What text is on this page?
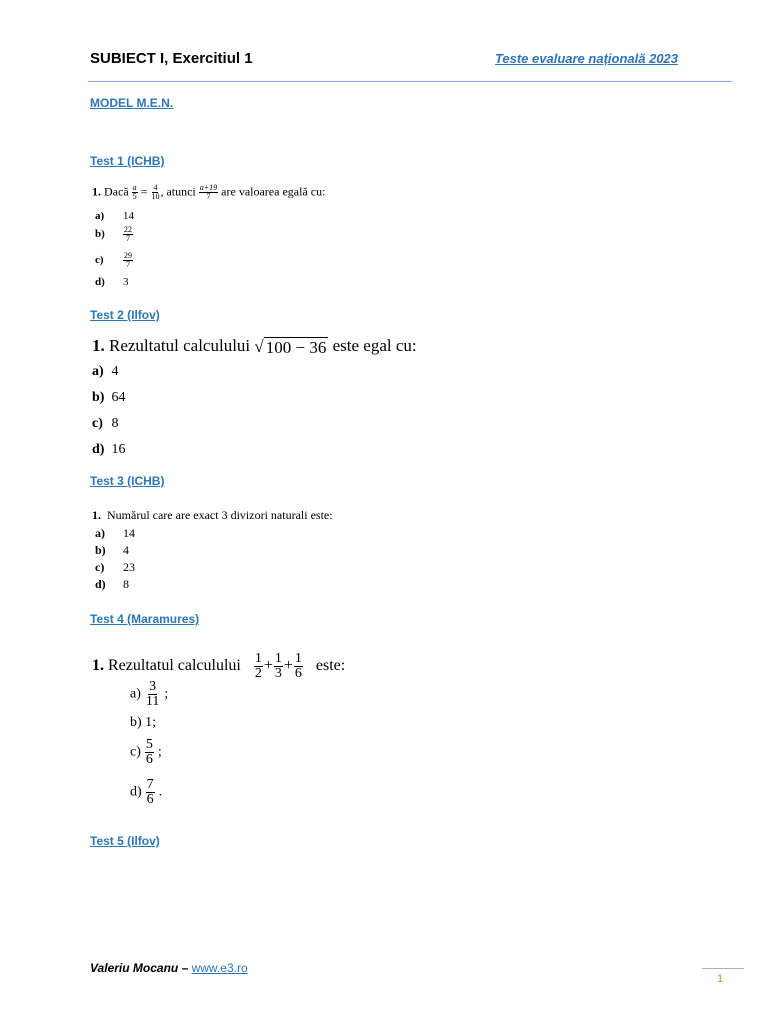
SUBIECT I, Exercitiul 1	Teste evaluare națională 2023
MODEL M.E.N.
Test 1 (ICHB)
1. Dacă $\frac{a}{5} = \frac{4}{10}$ , atunci $\frac{a+19}{7}$ are valoarea egală cu:
a) 14
$b) \frac{22}{7}$
$c) \frac{29}{7}$
d) 3
Test 2 (Ilfov)
1. Rezultatul calculului √ 100 − 36 este egal cu:
a) 4
b) 64
c) 8
d) 16
Test 3 (ICHB)
1. Numărul care are exact 3 divizori naturali este:
a) 14
b) 4
c) 23
d) 8
Test 4 (Maramures)
1. Rezultatul calculului $\frac{1}{2} + \frac{1}{3} + \frac{1}{6}$ este:
$a) \frac{3}{11}$ ;
b) 1;
$c) \frac{5}{6}$ ;
$d) \frac{7}{6}$ .
Test 5 (Ilfov)
Valeriu Mocanu – www.e3.ro
1
